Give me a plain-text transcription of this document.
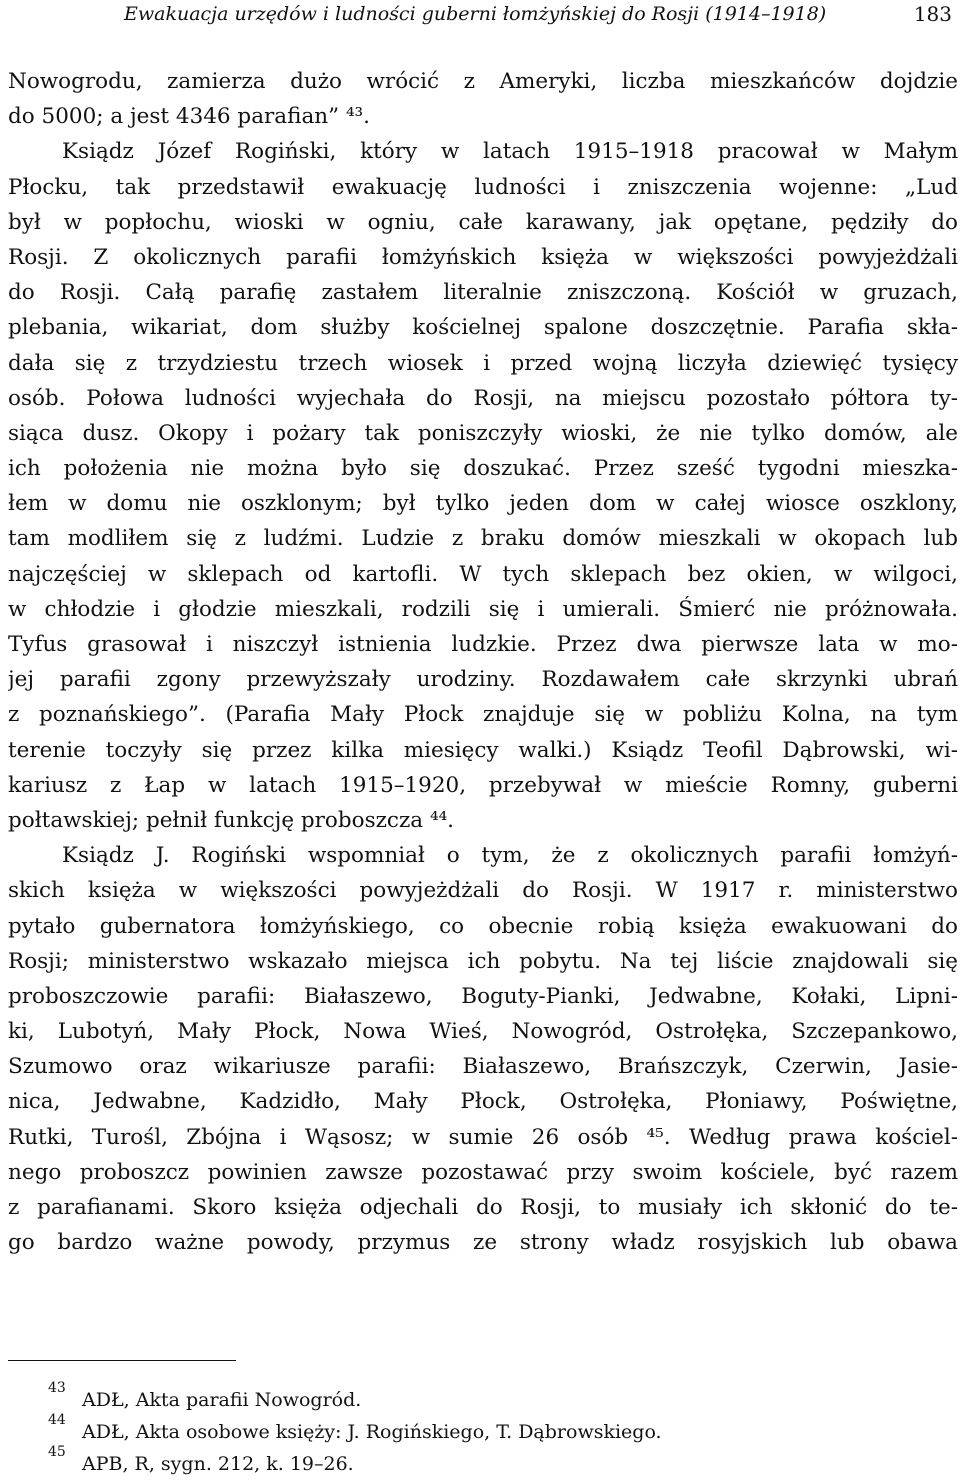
Ewakuacja urzędów i ludności guberni łomżyńskiej do Rosji (1914–1918)	183
Nowogrodu, zamierza dużo wrócić z Ameryki, liczba mieszkańców dojdzie
do 5000; a jest 4346 parafian” ⁴³.
Ksiądz Józef Rogiński, który w latach 1915–1918 pracował w Małym
Płocku, tak przedstawił ewakuację ludności i zniszczenia wojenne: „Lud
był w popłochu, wioski w ogniu, całe karawany, jak opętane, pędziły do
Rosji. Z okolicznych parafii łomżyńskich księża w większości powyjeżdżali
do Rosji. Całą parafię zastałem literalnie zniszczoną. Kościół w gruzach,
plebania, wikariat, dom służby kościelnej spalone doszczętnie. Parafia skła-
dała się z trzydziestu trzech wiosek i przed wojną liczyła dziewięć tysięcy
osób. Połowa ludności wyjechała do Rosji, na miejscu pozostało półtora ty-
siąca dusz. Okopy i pożary tak poniszczyły wioski, że nie tylko domów, ale
ich położenia nie można było się doszukać. Przez sześć tygodni mieszka-
łem w domu nie oszklonym; był tylko jeden dom w całej wiosce oszklony,
tam modliłem się z ludźmi. Ludzie z braku domów mieszkali w okopach lub
najczęściej w sklepach od kartofli. W tych sklepach bez okien, w wilgoci,
w chłodzie i głodzie mieszkali, rodzili się i umierali. Śmierć nie próżnowała.
Tyfus grasował i niszczył istnienia ludzkie. Przez dwa pierwsze lata w mo-
jej parafii zgony przewyższały urodziny. Rozdawałem całe skrzynki ubrań
z poznańskiego”. (Parafia Mały Płock znajduje się w pobliżu Kolna, na tym
terenie toczyły się przez kilka miesięcy walki.) Ksiądz Teofil Dąbrowski, wi-
kariusz z Łap w latach 1915–1920, przebywał w mieście Romny, guberni
połtawskiej; pełnił funkcję proboszcza ⁴⁴.
Ksiądz J. Rogiński wspomniał o tym, że z okolicznych parafii łomżyń-
skich księża w większości powyjeżdżali do Rosji. W 1917 r. ministerstwo
pytało gubernatora łomżyńskiego, co obecnie robią księża ewakuowani do
Rosji; ministerstwo wskazało miejsca ich pobytu. Na tej liście znajdowali się
proboszczowie parafii: Białaszewo, Boguty-Pianki, Jedwabne, Kołaki, Lipni-
ki, Lubotyń, Mały Płock, Nowa Wieś, Nowogród, Ostrołęka, Szczepankowo,
Szumowo oraz wikariusze parafii: Białaszewo, Brańszczyk, Czerwin, Jasie-
nica, Jedwabne, Kadzidło, Mały Płock, Ostrołęka, Płoniawy, Poświętne,
Rutki, Turośl, Zbójna i Wąsosz; w sumie 26 osób ⁴⁵. Według prawa kościel-
nego proboszcz powinien zawsze pozostawać przy swoim kościele, być razem
z parafianami. Skoro księża odjechali do Rosji, to musiały ich skłonić do te-
go bardzo ważne powody, przymus ze strony władz rosyjskich lub obawa
43
ADŁ, Akta parafii Nowogród.
44
ADŁ, Akta osobowe księży: J. Rogińskiego, T. Dąbrowskiego.
45
APB, R, sygn. 212, k. 19–26.
